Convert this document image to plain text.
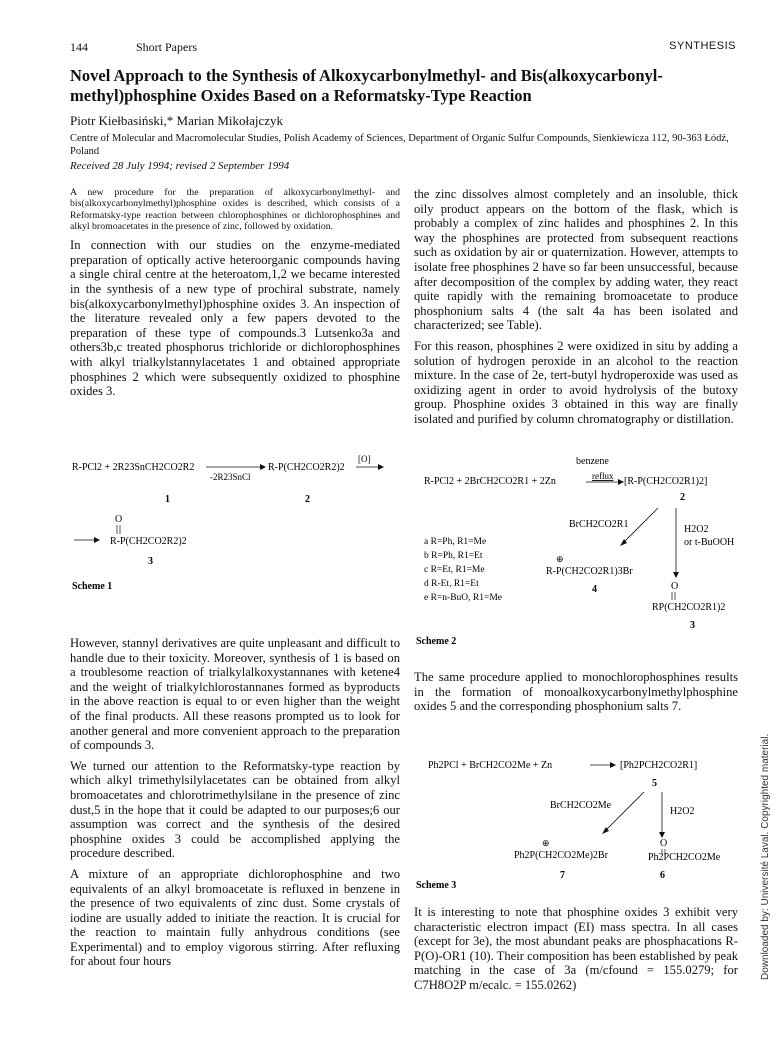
144	Short Papers	SYNTHESIS
Novel Approach to the Synthesis of Alkoxycarbonylmethyl- and Bis(alkoxycarbonyl-methyl)phosphine Oxides Based on a Reformatsky-Type Reaction
Piotr Kiełbasiński,* Marian Mikołajczyk
Centre of Molecular and Macromolecular Studies, Polish Academy of Sciences, Department of Organic Sulfur Compounds, Sienkiewicza 112, 90-363 Łódź, Poland
Received 28 July 1994; revised 2 September 1994

A new procedure for the preparation of alkoxycarbonylmethyl- and bis(alkoxycarbonylmethyl)phosphine oxides is described, which consists of a Reformatsky-type reaction between chlorophosphines or dichlorophosphines and alkyl bromoacetates in the presence of zinc, followed by oxidation.

In connection with our studies on the enzyme-mediated preparation of optically active heteroorganic compounds having a single chiral centre at the heteroatom,1,2 we became interested in the synthesis of a new type of prochiral substrate, namely bis(alkoxycarbonylmethyl)phosphine oxides 3. An inspection of the literature revealed only a few papers devoted to the preparation of these type of compounds.3 Lutsenko3a and others3b,c treated phosphorus trichloride or dichlorophosphines with alkyl trialkylstannylacetates 1 and obtained appropriate phosphines 2 which were subsequently oxidized to phosphine oxides 3.

R-PCl2 + 2R23SnCH2CO2R2
-2R23SnCl
R-P(CH2CO2R2)2
[O]
1	2
O
R-P(CH2CO2R2)2
3
Scheme 1

However, stannyl derivatives are quite unpleasant and difficult to handle due to their toxicity. Moreover, synthesis of 1 is based on a troublesome reaction of trialkylalkoxystannanes with ketene4 and the weight of trialkylchlorostannanes formed as byproducts in the above reaction is equal to or even higher than the weight of the final products. All these reasons prompted us to look for another general and more convenient approach to the preparation of compounds 3.

We turned our attention to the Reformatsky-type reaction by which alkyl trimethylsilylacetates can be obtained from alkyl bromoacetates and chlorotrimethylsilane in the presence of zinc dust,5 in the hope that it could be adapted to our purposes;6 our assumption was correct and the synthesis of the desired phosphine oxides 3 could be accomplished applying the procedure described.

A mixture of an appropriate dichlorophosphine and two equivalents of an alkyl bromoacetate is refluxed in benzene in the presence of two equivalents of zinc dust. Some crystals of iodine are usually added to initiate the reaction. It is crucial for the reaction to maintain fully anhydrous conditions (see Experimental) and to employ vigorous stirring. After refluxing for about four hours

the zinc dissolves almost completely and an insoluble, thick oily product appears on the bottom of the flask, which is probably a complex of zinc halides and phosphines 2. In this way the phosphines are protected from subsequent reactions such as oxidation by air or quaternization. However, attempts to isolate free phosphines 2 have so far been unsuccessful, because after decomposition of the complex by adding water, they react quite rapidly with the remaining bromoacetate to produce phosphonium salts 4 (the salt 4a has been isolated and characterized; see Table).

For this reason, phosphines 2 were oxidized in situ by adding a solution of hydrogen peroxide in an alcohol to the reaction mixture. In the case of 2e, tert-butyl hydroperoxide was used as oxidizing agent in order to avoid hydrolysis of the butoxy group. Phosphine oxides 3 obtained in this way are finally isolated and purified by column chromatography or distillation.

benzene
R-PCl2 + 2BrCH2CO2R1 + 2Zn	reflux [R-P(CH2CO2R1)2]
2
BrCH2CO2R1	H2O2
or t-BuOOH
a R=Ph, R1=Me
b R=Ph, R1=Et
c R=Et, R1=Me
d R-Et, R1=Et
e R=n-BuO, R1=Me
⊕
R-P(CH2CO2R1)3Br
4	O
RP(CH2CO2R1)2
3
Scheme 2

The same procedure applied to monochlorophosphines results in the formation of monoalkoxycarbonylmethylphosphine oxides 5 and the corresponding phosphonium salts 7.

Ph2PCl + BrCH2CO2Me + Zn	[Ph2PCH2CO2R1]
5
BrCH2CO2Me
H2O2
⊕
Ph2P(CH2CO2Me)2Br
O
Ph2PCH2CO2Me
7	6
Scheme 3

It is interesting to note that phosphine oxides 3 exhibit very characteristic electron impact (EI) mass spectra. In all cases (except for 3e), the most abundant peaks are phosphacations R-P(O)-OR1 (10). Their composition has been established by peak matching in the case of 3a (m/cfound = 155.0279; for C7H8O2P m/ecalc. = 155.0262)

Downloaded by: Université Laval. Copyrighted material.
